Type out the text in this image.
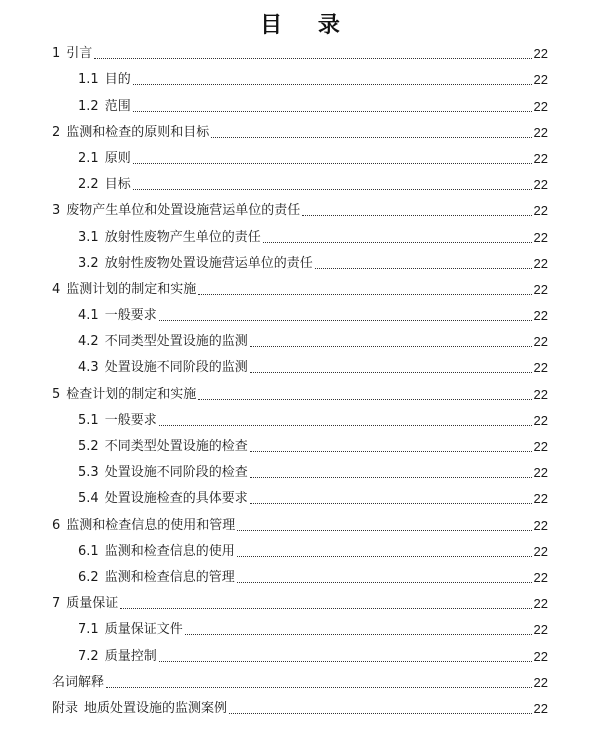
目 录
1 引言	22
1.1 目的	22
1.2 范围	22
2 监测和检查的原则和目标	22
2.1 原则	22
2.2 目标	22
3 废物产生单位和处置设施营运单位的责任	22
3.1 放射性废物产生单位的责任	22
3.2 放射性废物处置设施营运单位的责任	22
4 监测计划的制定和实施	22
4.1 一般要求	22
4.2 不同类型处置设施的监测	22
4.3 处置设施不同阶段的监测	22
5 检查计划的制定和实施	22
5.1 一般要求	22
5.2 不同类型处置设施的检查	22
5.3 处置设施不同阶段的检查	22
5.4 处置设施检查的具体要求	22
6 监测和检查信息的使用和管理	22
6.1 监测和检查信息的使用	22
6.2 监测和检查信息的管理	22
7 质量保证	22
7.1 质量保证文件	22
7.2 质量控制	22
名词解释	22
附录 地质处置设施的监测案例	22
